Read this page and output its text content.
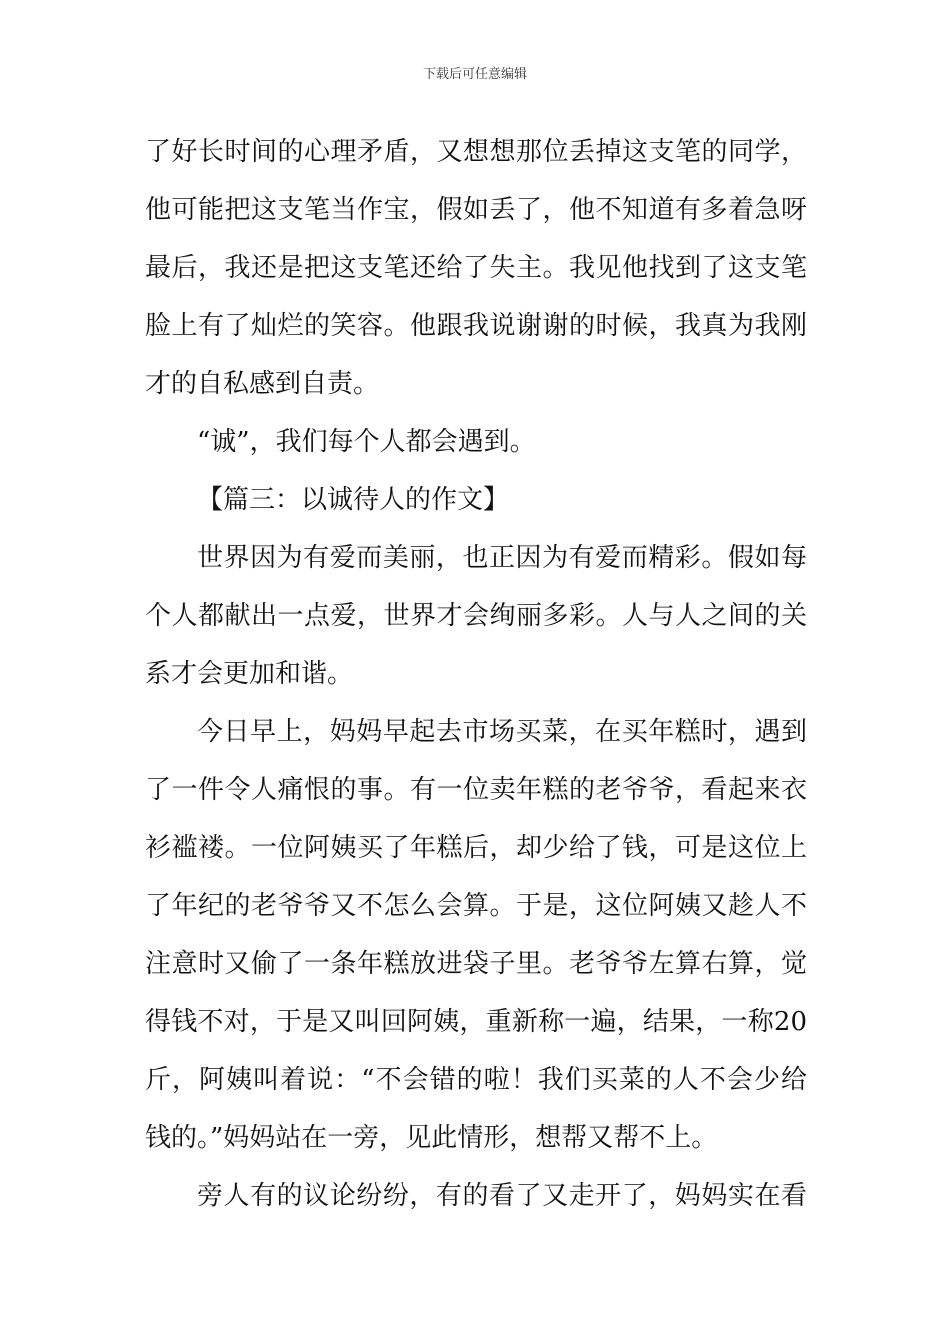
下载后可任意编辑
了好长时间的心理矛盾，又想想那位丢掉这支笔的同学，
他可能把这支笔当作宝，假如丢了，他不知道有多着急呀
最后，我还是把这支笔还给了失主。我见他找到了这支笔
脸上有了灿烂的笑容。他跟我说谢谢的时候，我真为我刚
才的自私感到自责。
“诚”，我们每个人都会遇到。
【篇三：以诚待人的作文】
世界因为有爱而美丽，也正因为有爱而精彩。假如每
个人都献出一点爱，世界才会绚丽多彩。人与人之间的关
系才会更加和谐。
今日早上，妈妈早起去市场买菜，在买年糕时，遇到
了一件令人痛恨的事。有一位卖年糕的老爷爷，看起来衣
衫褴褛。一位阿姨买了年糕后，却少给了钱，可是这位上
了年纪的老爷爷又不怎么会算。于是，这位阿姨又趁人不
注意时又偷了一条年糕放进袋子里。老爷爷左算右算，觉
得钱不对，于是又叫回阿姨，重新称一遍，结果，一称20
斤，阿姨叫着说：“不会错的啦！我们买菜的人不会少给
钱的。”妈妈站在一旁，见此情形，想帮又帮不上。
旁人有的议论纷纷，有的看了又走开了，妈妈实在看
